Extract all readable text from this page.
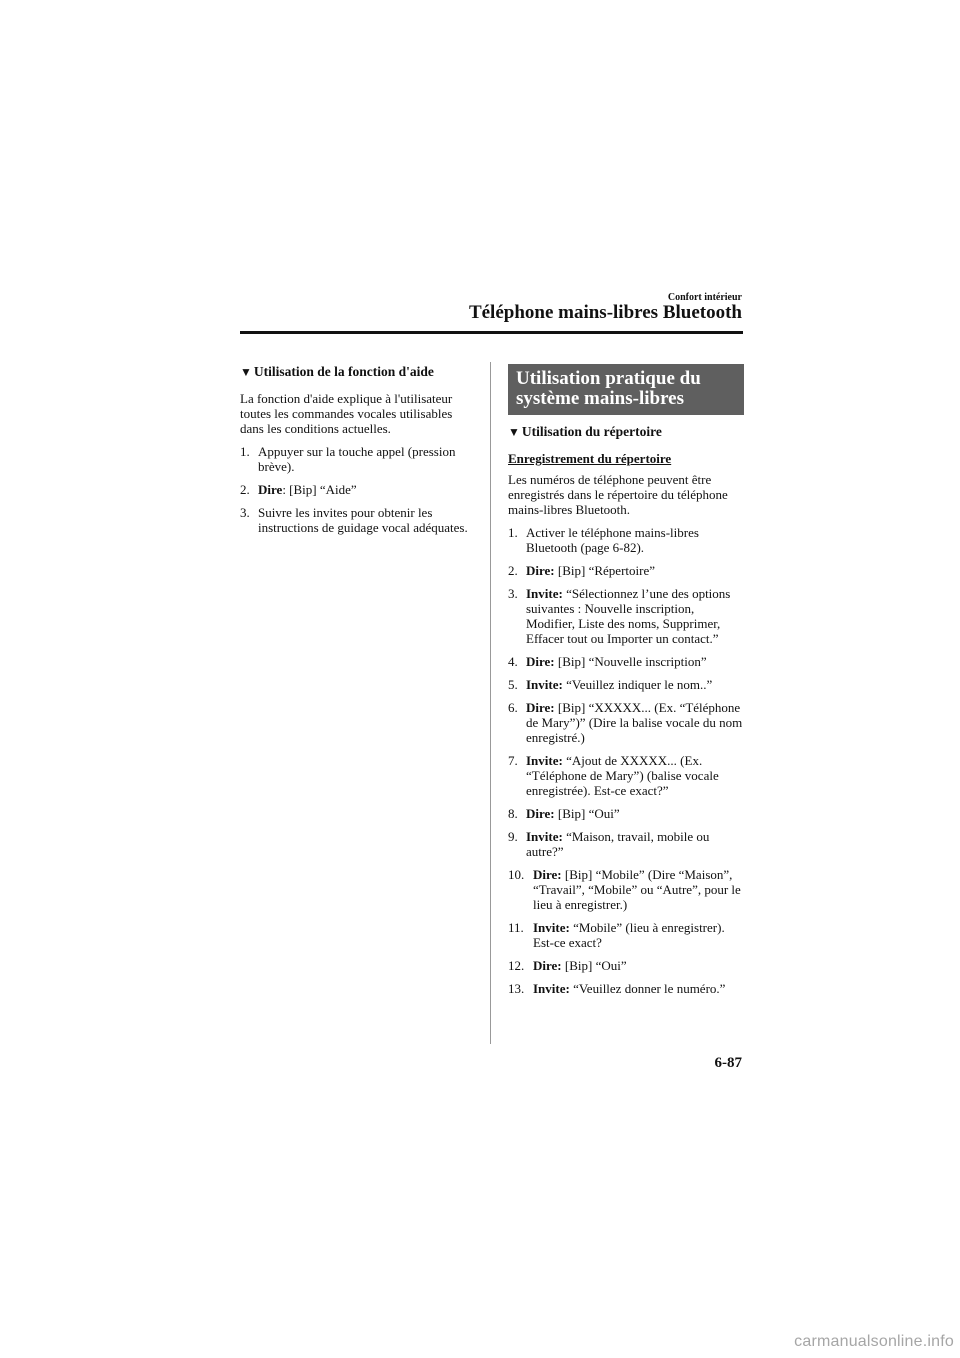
Confort intérieur
Téléphone mains-libres Bluetooth
▼ Utilisation de la fonction d'aide

La fonction d'aide explique à l'utilisateur toutes les commandes vocales utilisables dans les conditions actuelles.

1. Appuyer sur la touche appel (pression brève).
2. Dire: [Bip] “Aide”
3. Suivre les invites pour obtenir les instructions de guidage vocal adéquates.
Utilisation pratique du système mains-libres
▼ Utilisation du répertoire
Enregistrement du répertoire

Les numéros de téléphone peuvent être enregistrés dans le répertoire du téléphone mains-libres Bluetooth.

1. Activer le téléphone mains-libres Bluetooth (page 6-82).
2. Dire: [Bip] “Répertoire”
3. Invite: “Sélectionnez l’une des options suivantes : Nouvelle inscription, Modifier, Liste des noms, Supprimer, Effacer tout ou Importer un contact.”
4. Dire: [Bip] “Nouvelle inscription”
5. Invite: “Veuillez indiquer le nom..”
6. Dire: [Bip] “XXXXX... (Ex. “Téléphone de Mary”)” (Dire la balise vocale du nom enregistré.)
7. Invite: “Ajout de XXXXX... (Ex. “Téléphone de Mary”) (balise vocale enregistrée). Est-ce exact?”
8. Dire: [Bip] “Oui”
9. Invite: “Maison, travail, mobile ou autre?”
10. Dire: [Bip] “Mobile” (Dire “Maison”, “Travail”, “Mobile” ou “Autre”, pour le lieu à enregistrer.)
11. Invite: “Mobile” (lieu à enregistrer). Est-ce exact?
12. Dire: [Bip] “Oui”
13. Invite: “Veuillez donner le numéro.”
6-87
carmanualsonline.info
